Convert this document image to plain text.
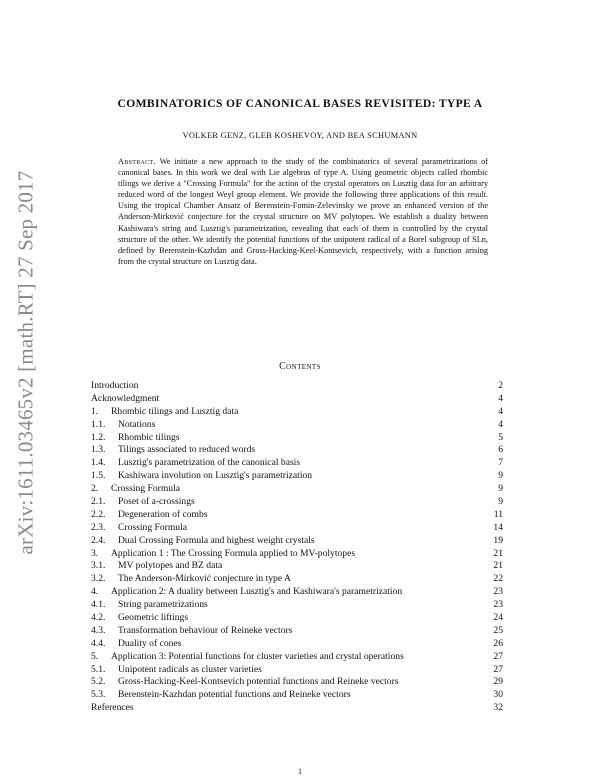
arXiv:1611.03465v2 [math.RT] 27 Sep 2017
COMBINATORICS OF CANONICAL BASES REVISITED: TYPE A
VOLKER GENZ, GLEB KOSHEVOY, AND BEA SCHUMANN
Abstract. We initiate a new approach to the study of the combinatorics of several parametrizations of canonical bases. In this work we deal with Lie algebras of type A. Using geometric objects called rhombic tilings we derive a "Crossing Formula" for the action of the crystal operators on Lusztig data for an arbitrary reduced word of the longest Weyl group element. We provide the following three applications of this result. Using the tropical Chamber Ansatz of Berenstein-Fomin-Zelevinsky we prove an enhanced version of the Anderson-Mirković conjecture for the crystal structure on MV polytopes. We establish a duality between Kashiwara's string and Lusztig's parametrization, revealing that each of them is controlled by the crystal structure of the other. We identify the potential functions of the unipotent radical of a Borel subgroup of SLn, defined by Berenstein-Kazhdan and Gross-Hacking-Keel-Kontsevich, respectively, with a function arising from the crystal structure on Lusztig data.
Contents
Introduction	2
Acknowledgment	4
1. Rhombic tilings and Lusztig data	4
1.1. Notations	4
1.2. Rhombic tilings	5
1.3. Tilings associated to reduced words	6
1.4. Lusztig's parametrization of the canonical basis	7
1.5. Kashiwara involution on Lusztig's parametrization	9
2. Crossing Formula	9
2.1. Poset of a-crossings	9
2.2. Degeneration of combs	11
2.3. Crossing Formula	14
2.4. Dual Crossing Formula and highest weight crystals	19
3. Application 1 : The Crossing Formula applied to MV-polytopes	21
3.1. MV polytopes and BZ data	21
3.2. The Anderson-Mirković conjecture in type A	22
4. Application 2: A duality between Lusztig's and Kashiwara's parametrization	23
4.1. String parametrizations	23
4.2. Geometric liftings	24
4.3. Transformation behaviour of Reineke vectors	25
4.4. Duality of cones	26
5. Application 3: Potential functions for cluster varieties and crystal operations	27
5.1. Unipotent radicals as cluster varieties	27
5.2. Gross-Hacking-Keel-Kontsevich potential functions and Reineke vectors	29
5.3. Berenstein-Kazhdan potential functions and Reineke vectors	30
References	32
1
